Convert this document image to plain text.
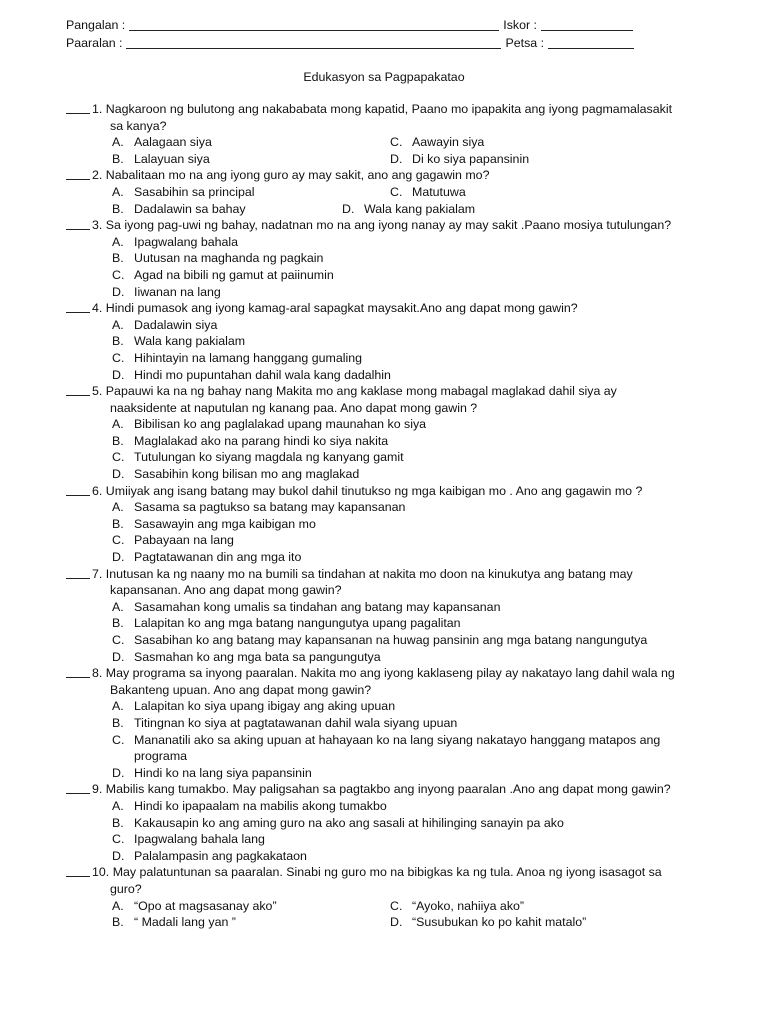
Pangalan :	Iskor :
Paaralan :	Petsa :
Edukasyon sa Pagpapakatao
1. Nagkaroon ng bulutong ang nakababata mong kapatid, Paano mo ipapakita ang iyong pagmamalasakit
sa kanya?
A. Aalagaan siya	C. Aawayin siya
B. Lalayuan siya	D. Di ko siya papansinin
2. Nabalitaan mo na ang iyong guro ay may sakit, ano ang gagawin mo?
A. Sasabihin sa principal	C. Matutuwa
B. Dadalawin sa bahay	D. Wala kang pakialam
3. Sa iyong pag-uwi ng bahay, nadatnan mo na ang iyong nanay ay may sakit .Paano mosiya tutulungan?
A. Ipagwalang bahala
B. Uutusan na maghanda ng pagkain
C. Agad na bibili ng gamut at paiinumin
D. Iiwanan na lang
4. Hindi pumasok ang iyong kamag-aral sapagkat maysakit.Ano ang dapat mong gawin?
A. Dadalawin siya
B. Wala kang pakialam
C. Hihintayin na lamang hanggang gumaling
D. Hindi mo pupuntahan dahil wala kang dadalhin
5. Papauwi ka na ng bahay nang Makita mo ang kaklase mong mabagal maglakad dahil siya ay
naaksidente at naputulan ng kanang paa. Ano dapat mong gawin ?
A. Bibilisan ko ang paglalakad upang maunahan ko siya
B. Maglalakad ako na parang hindi ko siya nakita
C. Tutulungan ko siyang magdala ng kanyang gamit
D. Sasabihin kong bilisan mo ang maglakad
6. Umiiyak ang isang batang may bukol dahil tinutukso ng mga kaibigan mo . Ano ang gagawin mo ?
A. Sasama sa pagtukso sa batang may kapansanan
B. Sasawayin ang mga kaibigan mo
C. Pabayaan na lang
D. Pagtatawanan din ang mga ito
7. Inutusan ka ng naany mo na bumili sa tindahan at nakita mo doon na kinukutya ang batang may
kapansanan. Ano ang dapat mong gawin?
A. Sasamahan kong umalis sa tindahan ang batang may kapansanan
B. Lalapitan ko ang mga batang nangungutya upang pagalitan
C. Sasabihan ko ang batang may kapansanan na huwag pansinin ang mga batang nangungutya
D. Sasmahan ko ang mga bata sa pangungutya
8. May programa sa inyong paaralan. Nakita mo ang iyong kaklaseng pilay ay nakatayo lang dahil wala ng
Bakanteng upuan. Ano ang dapat mong gawin?
A. Lalapitan ko siya upang ibigay ang aking upuan
B. Titingnan ko siya at pagtatawanan dahil wala siyang upuan
C. Mananatili ako sa aking upuan at hahayaan ko na lang siyang nakatayo hanggang matapos ang programa
D. Hindi ko na lang siya papansinin
9. Mabilis kang tumakbo. May paligsahan sa pagtakbo ang inyong paaralan .Ano ang dapat mong gawin?
A. Hindi ko ipapaalam na mabilis akong tumakbo
B. Kakausapin ko ang aming guro na ako ang sasali at hihilinging sanayin pa ako
C. Ipagwalang bahala lang
D. Palalampasin ang pagkakataon
10. May palatuntunan sa paaralan. Sinabi ng guro mo na bibigkas ka ng tula. Anoa ng iyong isasagot sa
guro?
A. “Opo at magsasanay ako”	C. “Ayoko, nahiiya ako”
B. “ Madali lang yan ”	D. “Susubukan ko po kahit matalo”
